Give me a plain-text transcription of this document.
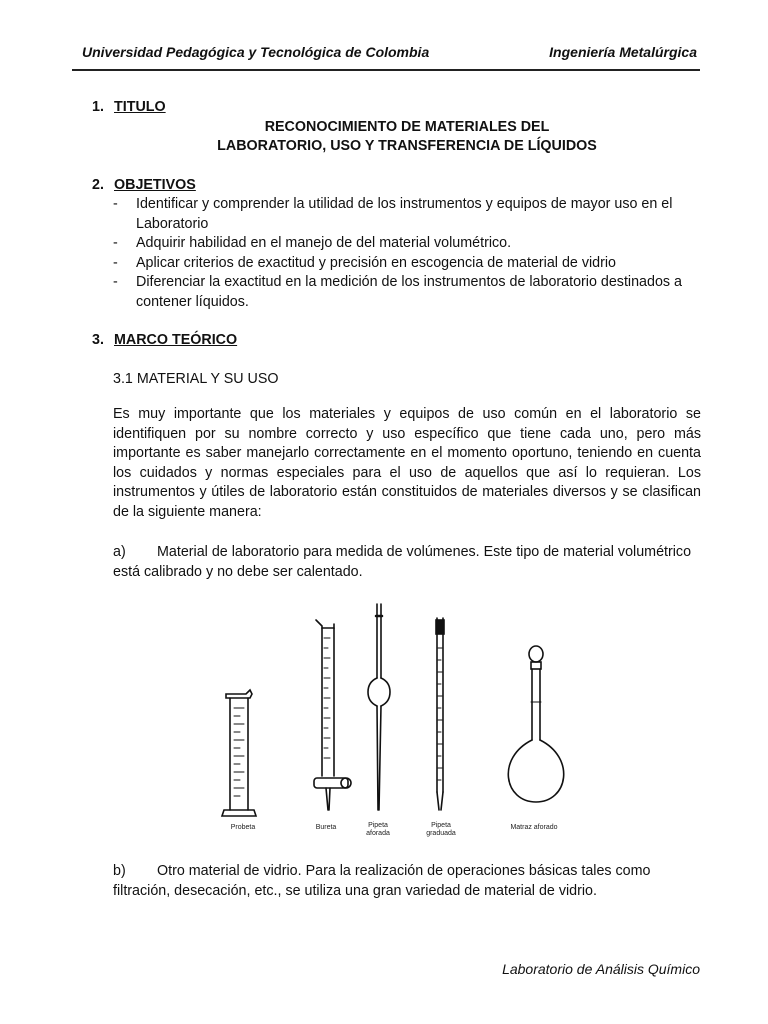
Universidad Pedagógica y Tecnológica de Colombia	Ingeniería Metalúrgica
1. TITULO
RECONOCIMIENTO DE MATERIALES DEL
LABORATORIO, USO Y TRANSFERENCIA DE LÍQUIDOS
2. OBJETIVOS
- Identificar y comprender la utilidad de los instrumentos y equipos de mayor uso en el Laboratorio
- Adquirir habilidad en el manejo de del material volumétrico.
- Aplicar criterios de exactitud y precisión en escogencia de material de vidrio
- Diferenciar la exactitud en la medición de los instrumentos de laboratorio destinados a contener líquidos.
3. MARCO TEÓRICO
3.1 MATERIAL Y SU USO
Es muy importante que los materiales y equipos de uso común en el laboratorio se identifiquen por su nombre correcto y uso específico que tiene cada uno, pero más importante es saber manejarlo correctamente en el momento oportuno, teniendo en cuenta los cuidados y normas especiales para el uso de aquellos que así lo requieran. Los instrumentos y útiles de laboratorio están constituidos de materiales diversos y se clasifican de la siguiente manera:
a) Material de laboratorio para medida de volúmenes. Este tipo de material volumétrico está calibrado y no debe ser calentado.
Probeta	Bureta	Pipeta
aforada
Pipeta
graduada
Matraz aforado
b) Otro material de vidrio. Para la realización de operaciones básicas tales como filtración, desecación, etc., se utiliza una gran variedad de material de vidrio.
Laboratorio de Análisis Químico
